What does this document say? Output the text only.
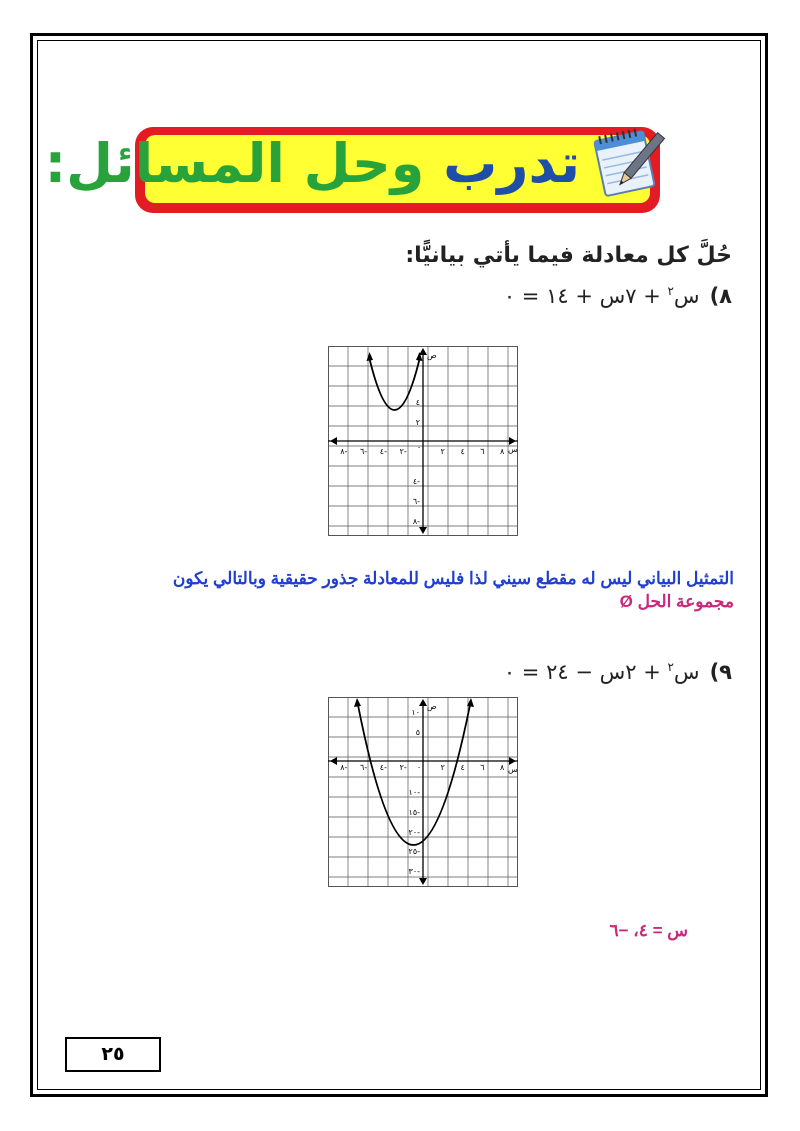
تدرب وحل المسائل:
حُلَّ كل معادلة فيما يأتي بيانيًّا:
٨)س$^٢$ + ٧س + ١٤ = ٠
ص
س
٨- ٦- ٤- ٢- ٠ ٢ ٤ ٦ ٨
٤
٢
٤-
٦-
٨-
التمثيل البياني ليس له مقطع سيني لذا فليس للمعادلة جذور حقيقية وبالتالي يكون
مجموعة الحل Ø
٩)س$^٢$ + ٢س − ٢٤ = ٠
ص
س
٨- ٦- ٤- ٢- ٠ ٢ ٤ ٦ ٨
١٠
٥
١٠-
١٥-
٢٠-
٢٥-
٣٠-
س = ٤، −٦
٢٥
